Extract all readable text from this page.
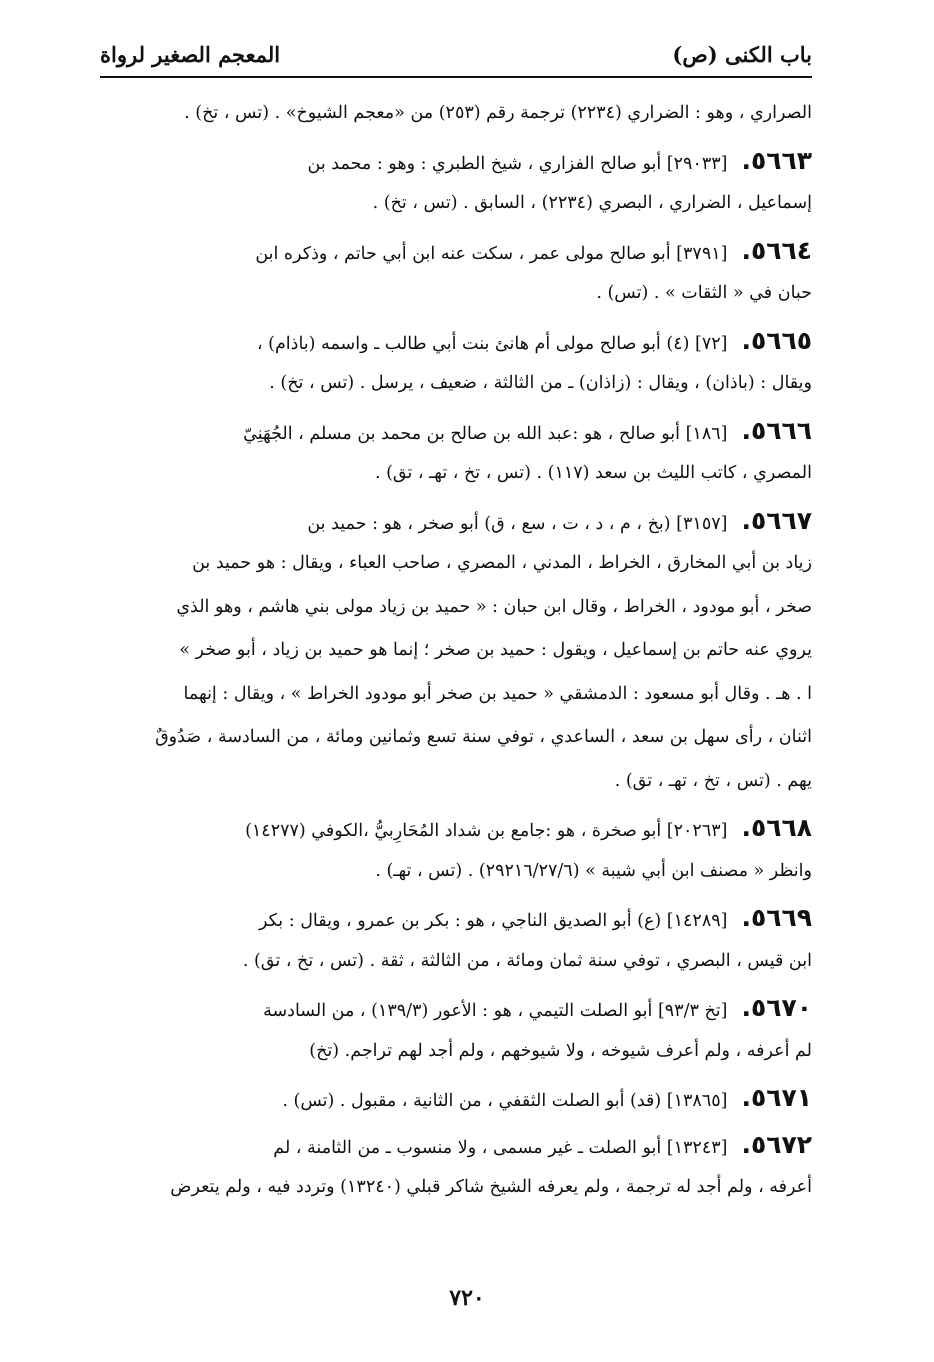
باب الكنى (ص)
المعجم الصغير لرواة
الصراري ، وهو : الضراري (٢٢٣٤) ترجمة رقم (٢٥٣) من «معجم الشيوخ» . (تس ، تخ) .
٥٦٦٣.[٢٩٠٣٣] أبو صالح الفزاري ، شيخ الطبري : وهو : محمد بن
إسماعيل ، الضراري ، البصري (٢٢٣٤) ، السابق . (تس ، تخ) .
٥٦٦٤.[٣٧٩١] أبو صالح مولى عمر ، سكت عنه ابن أبي حاتم ، وذكره ابن
حبان في « الثقات » . (تس) .
٥٦٦٥.[٧٢] (٤) أبو صالح مولى أم هانئ بنت أبي طالب ـ واسمه (باذام) ،
ويقال : (باذان) ، ويقال : (زاذان) ـ من الثالثة ، ضعيف ، يرسل . (تس ، تخ) .
٥٦٦٦.[١٨٦] أبو صالح ، هو :عبد الله بن صالح بن محمد بن مسلم ، الجُهَنِيّ
المصري ، كاتب الليث بن سعد (١١٧) . (تس ، تخ ، تهـ ، تق) .
٥٦٦٧.[٣١٥٧] (بخ ، م ، د ، ت ، سع ، ق) أبو صخر ، هو : حميد بن
زياد بن أبي المخارق ، الخراط ، المدني ، المصري ، صاحب العباء ، ويقال : هو حميد بن
صخر ، أبو مودود ، الخراط ، وقال ابن حبان : « حميد بن زياد مولى بني هاشم ، وهو الذي
يروي عنه حاتم بن إسماعيل ، ويقول : حميد بن صخر ؛ إنما هو حميد بن زياد ، أبو صخر »
ا . هـ . وقال أبو مسعود : الدمشقي « حميد بن صخر أبو مودود الخراط » ، ويقال : إنهما
اثنان ، رأى سهل بن سعد ، الساعدي ، توفي سنة تسع وثمانين ومائة ، من السادسة ، صَدُوقٌ
يهم . (تس ، تخ ، تهـ ، تق) .
٥٦٦٨.[٢٠٢٦٣] أبو صخرة ، هو :جامع بن شداد المُحَارِبيُّ ،الكوفي (١٤٢٧٧)
وانظر « مصنف ابن أبي شيبة » (٢٩٢١٦/٢٧/٦) . (تس ، تهـ) .
٥٦٦٩.[١٤٢٨٩] (ع) أبو الصديق الناجي ، هو : بكر بن عمرو ، ويقال : بكر
ابن قيس ، البصري ، توفي سنة ثمان ومائة ، من الثالثة ، ثقة . (تس ، تخ ، تق) .
٥٦٧٠.[تخ ٩٣/٣] أبو الصلت التيمي ، هو : الأعور (١٣٩/٣) ، من السادسة
لم أعرفه ، ولم أعرف شيوخه ، ولا شيوخهم ، ولم أجد لهم تراجم. (تخ)
٥٦٧١.[١٣٨٦٥] (قد) أبو الصلت الثقفي ، من الثانية ، مقبول . (تس) .
٥٦٧٢.[١٣٢٤٣] أبو الصلت ـ غير مسمى ، ولا منسوب ـ من الثامنة ، لم
أعرفه ، ولم أجد له ترجمة ، ولم يعرفه الشيخ شاكر قبلي (١٣٢٤٠) وتردد فيه ، ولم يتعرض
٧٢٠
